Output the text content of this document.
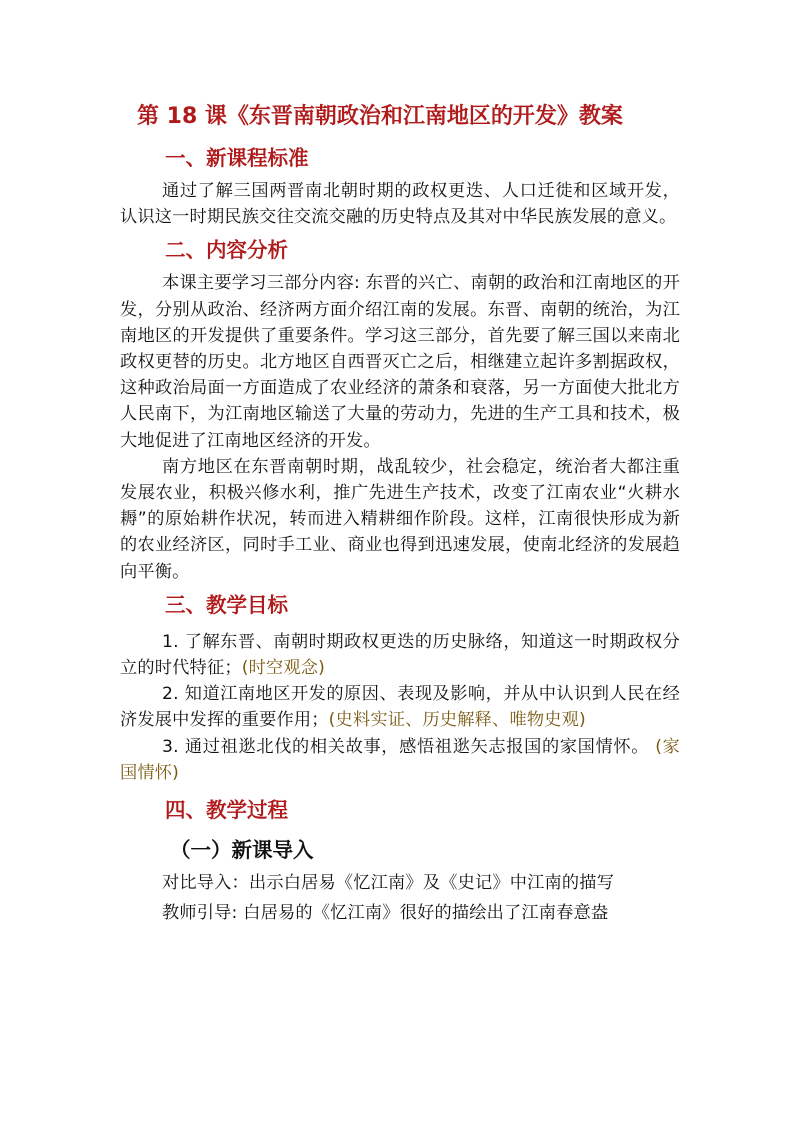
第 18 课《东晋南朝政治和江南地区的开发》教案
一、新课程标准

通过了解三国两晋南北朝时期的政权更迭、人口迁徙和区域开发，认识这一时期民族交往交流交融的历史特点及其对中华民族发展的意义。

二、内容分析

本课主要学习三部分内容: 东晋的兴亡、南朝的政治和江南地区的开发，分别从政治、经济两方面介绍江南的发展。东晋、南朝的统治，为江南地区的开发提供了重要条件。学习这三部分，首先要了解三国以来南北政权更替的历史。北方地区自西晋灭亡之后，相继建立起许多割据政权，这种政治局面一方面造成了农业经济的萧条和衰落，另一方面使大批北方人民南下，为江南地区输送了大量的劳动力，先进的生产工具和技术，极大地促进了江南地区经济的开发。

南方地区在东晋南朝时期，战乱较少，社会稳定，统治者大都注重发展农业，积极兴修水利，推广先进生产技术，改变了江南农业“火耕水耨”的原始耕作状况，转而进入精耕细作阶段。这样，江南很快形成为新的农业经济区，同时手工业、商业也得到迅速发展，使南北经济的发展趋向平衡。

三、教学目标

1. 了解东晋、南朝时期政权更迭的历史脉络，知道这一时期政权分立的时代特征；(时空观念)

2. 知道江南地区开发的原因、表现及影响，并从中认识到人民在经济发展中发挥的重要作用；(史料实证、历史解释、唯物史观)

3. 通过祖逖北伐的相关故事，感悟祖逖矢志报国的家国情怀。 (家国情怀)

四、教学过程
（一）新课导入

对比导入：出示白居易《忆江南》及《史记》中江南的描写

教师引导: 白居易的《忆江南》很好的描绘出了江南春意盎
